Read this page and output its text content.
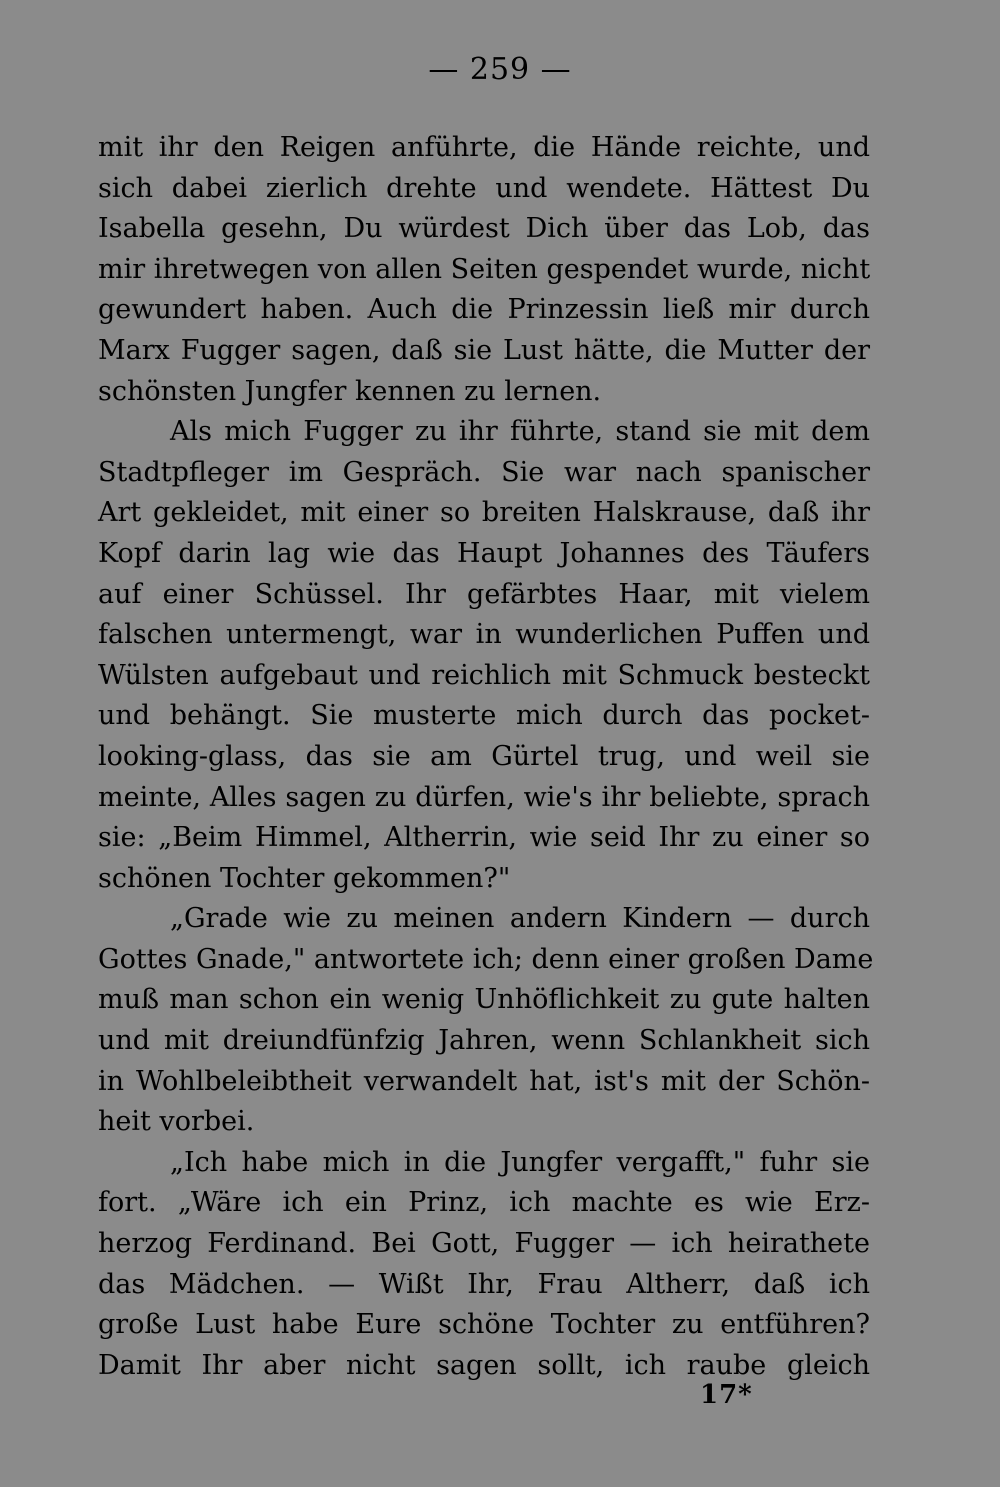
— 259 —
mit ihr den Reigen anführte, die Hände reichte, und
sich dabei zierlich drehte und wendete. Hättest Du
Isabella gesehn, Du würdest Dich über das Lob, das
mir ihretwegen von allen Seiten gespendet wurde, nicht
gewundert haben. Auch die Prinzessin ließ mir durch
Marx Fugger sagen, daß sie Lust hätte, die Mutter der
schönsten Jungfer kennen zu lernen.
Als mich Fugger zu ihr führte, stand sie mit dem
Stadtpfleger im Gespräch. Sie war nach spanischer
Art gekleidet, mit einer so breiten Halskrause, daß ihr
Kopf darin lag wie das Haupt Johannes des Täufers
auf einer Schüssel. Ihr gefärbtes Haar, mit vielem
falschen untermengt, war in wunderlichen Puffen und
Wülsten aufgebaut und reichlich mit Schmuck besteckt
und behängt. Sie musterte mich durch das pocket-
looking-glass, das sie am Gürtel trug, und weil sie
meinte, Alles sagen zu dürfen, wie's ihr beliebte, sprach
sie: „Beim Himmel, Altherrin, wie seid Ihr zu einer so
schönen Tochter gekommen?"
„Grade wie zu meinen andern Kindern — durch
Gottes Gnade," antwortete ich; denn einer großen Dame
muß man schon ein wenig Unhöflichkeit zu gute halten
und mit dreiundfünfzig Jahren, wenn Schlankheit sich
in Wohlbeleibtheit verwandelt hat, ist's mit der Schön-
heit vorbei.
„Ich habe mich in die Jungfer vergafft," fuhr sie
fort. „Wäre ich ein Prinz, ich machte es wie Erz-
herzog Ferdinand. Bei Gott, Fugger — ich heirathete
das Mädchen. — Wißt Ihr, Frau Altherr, daß ich
große Lust habe Eure schöne Tochter zu entführen?
Damit Ihr aber nicht sagen sollt, ich raube gleich
17*
